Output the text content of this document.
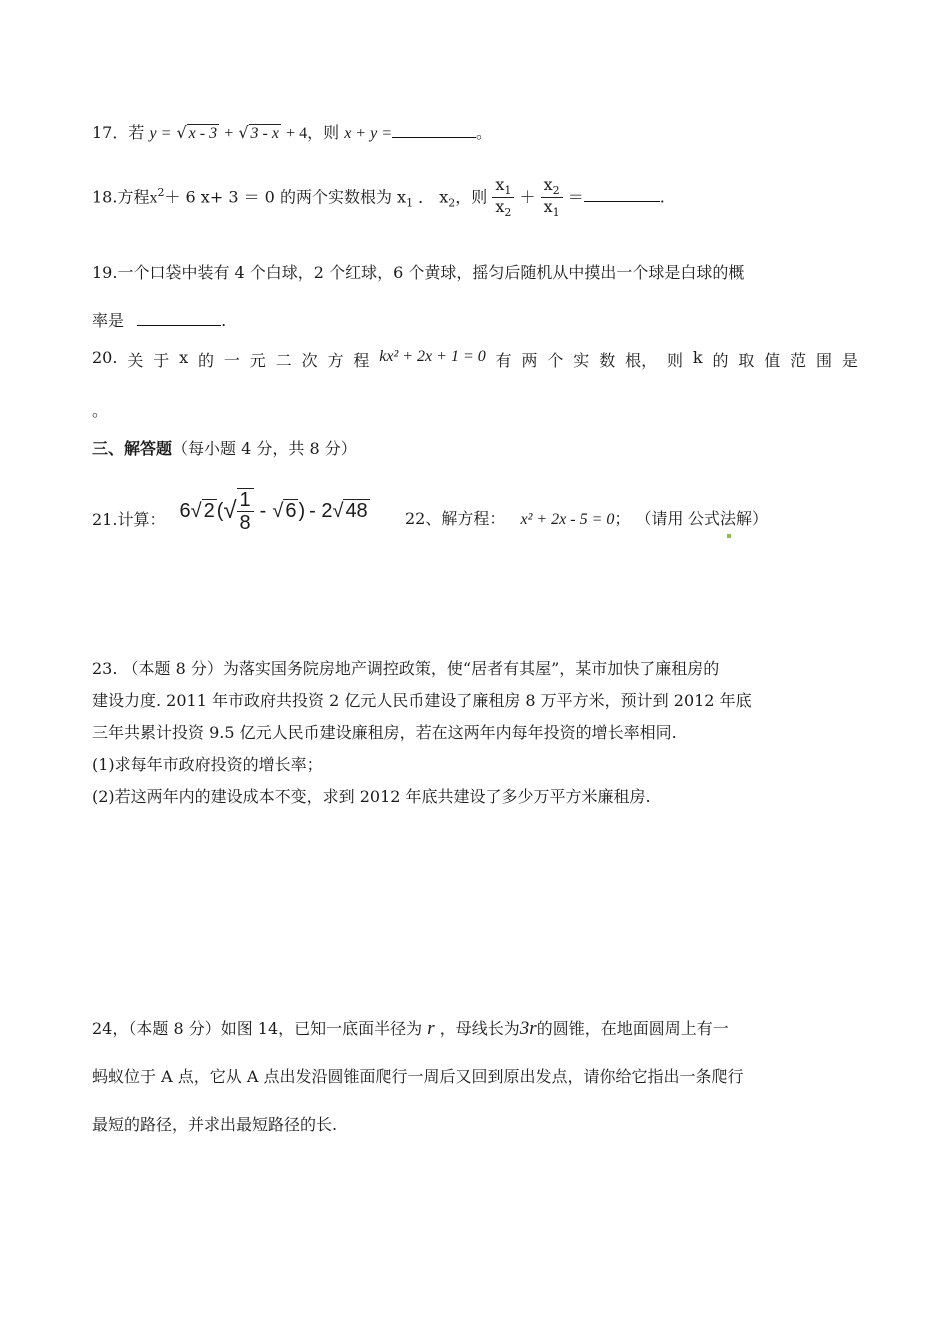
17．若 y = √ x - 3 + √ 3 - x + 4，则 x + y =	。
18.方程$x^2+ 6$ x+ 3 ＝ 0 的两个实数根为 $x_1$ ． $x_2$，则 $\frac{x_1}{x_2} + \frac{x_2}{x_1}$ ＝	.
19.一个口袋中装有 4 个白球，2 个红球，6 个黄球，摇匀后随机从中摸出一个球是白球的概
率是	.
20. 关 于 x 的 一 元 二 次 方 程 kx² + 2x + 1 = 0 有 两 个 实 数 根， 则 k 的 取 值 范 围 是
。
三、解答题（每小题 4 分，共 8 分）
21.计算： 6 √ 2 ( √ $\frac{1}{8}$ - √ 6 ) - 2 √ 48 22、解方程： x² + 2x - 5 = 0； （请用 公式法解）
23. （本题 8 分）为落实国务院房地产调控政策，使“居者有其屋”，某市加快了廉租房的
建设力度. 2011 年市政府共投资 2 亿元人民币建设了廉租房 8 万平方米，预计到 2012 年底
三年共累计投资 9.5 亿元人民币建设廉租房，若在这两年内每年投资的增长率相同.
(1)求每年市政府投资的增长率；
(2)若这两年内的建设成本不变，求到 2012 年底共建设了多少万平方米廉租房.
24，（本题 8 分）如图 14，已知一底面半径为 r ，母线长为3r的圆锥，在地面圆周上有一
蚂蚁位于 A 点，它从 A 点出发沿圆锥面爬行一周后又回到原出发点，请你给它指出一条爬行
最短的路径，并求出最短路径的长.
